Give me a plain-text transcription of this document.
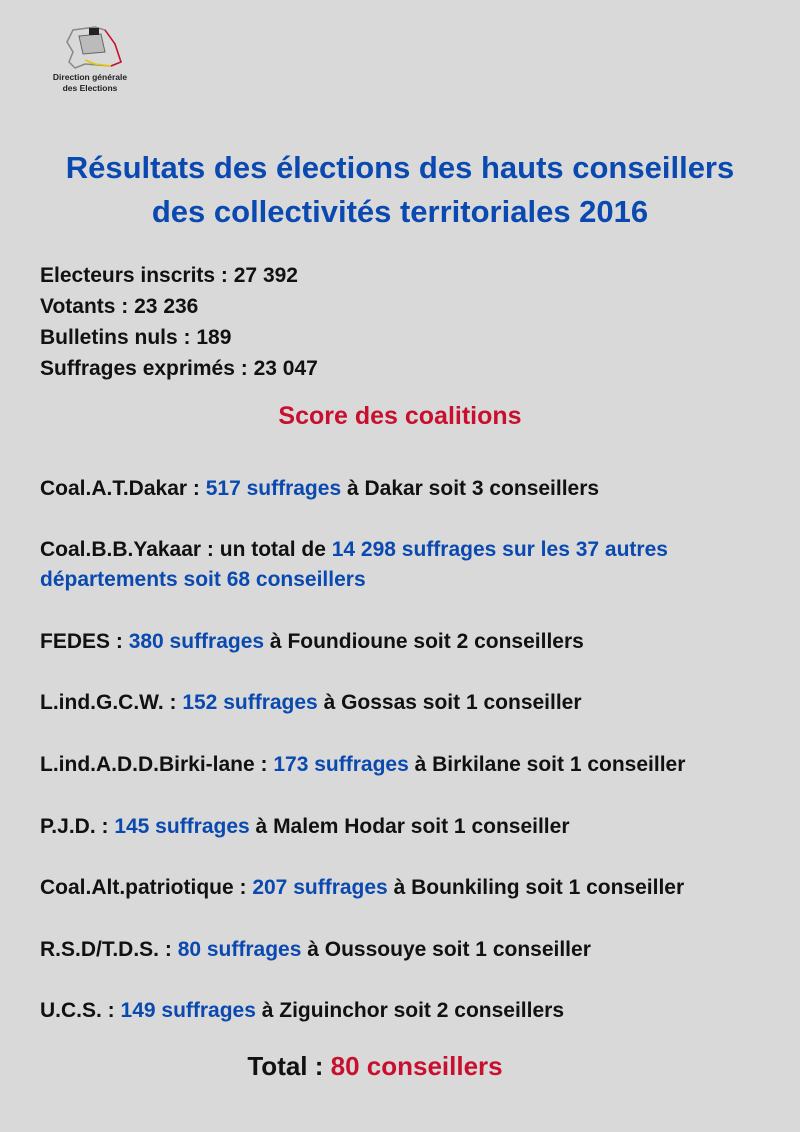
Direction générale
des Elections
Résultats des élections des hauts conseillers
des collectivités territoriales 2016
Electeurs inscrits : 27 392
Votants : 23 236
Bulletins nuls : 189
Suffrages exprimés : 23 047
Score des coalitions
Coal.A.T.Dakar : 517 suffrages à Dakar soit 3 conseillers
Coal.B.B.Yakaar : un total de 14 298 suffrages sur les 37 autres départements soit 68 conseillers
FEDES : 380 suffrages à Foundioune soit 2 conseillers
L.ind.G.C.W. : 152 suffrages à Gossas soit 1 conseiller
L.ind.A.D.D.Birki-lane : 173 suffrages à Birkilane soit 1 conseiller
P.J.D. : 145 suffrages à Malem Hodar soit 1 conseiller
Coal.Alt.patriotique : 207 suffrages à Bounkiling soit 1 conseiller
R.S.D/T.D.S. : 80 suffrages à Oussouye soit 1 conseiller
U.C.S. : 149 suffrages à Ziguinchor soit 2 conseillers
Total : 80 conseillers
